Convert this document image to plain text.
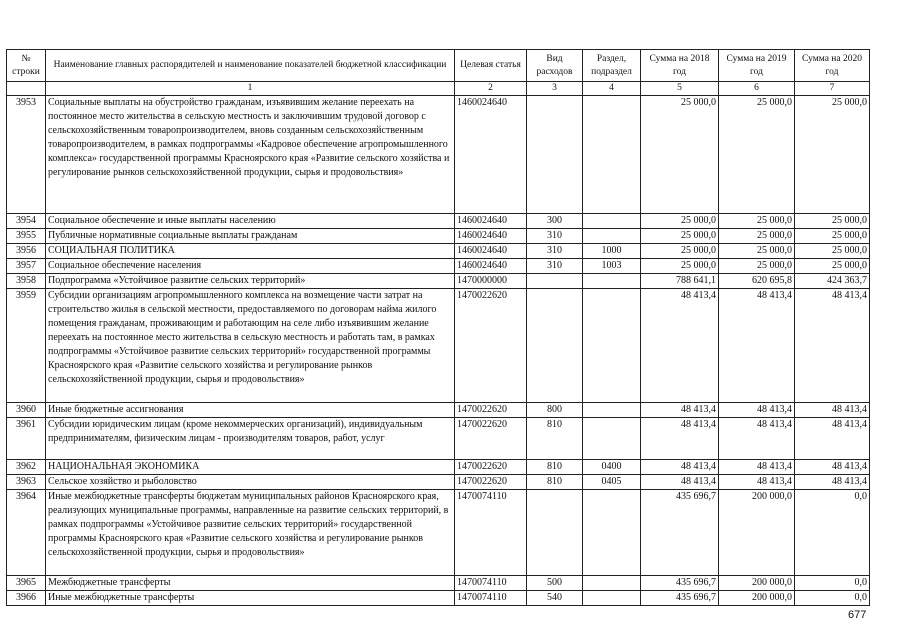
№ строки	Наименование главных распорядителей и наименование показателей бюджетной классификации	Целевая статья	Вид расходов	Раздел, подраздел	Сумма на 2018 год	Сумма на 2019 год	Сумма на 2020 год
	1	2	3	4	5	6	7
3953	Социальные выплаты на обустройство гражданам, изъявившим желание переехать на постоянное место жительства в сельскую местность и заключившим трудовой договор с сельскохозяйственным товаропроизводителем, вновь созданным сельскохозяйственным товаропроизводителем, в рамках подпрограммы «Кадровое обеспечение агропромышленного комплекса» государственной программы Красноярского края «Развитие сельского хозяйства и регулирование рынков сельскохозяйственной продукции, сырья и продовольствия»	1460024640			25 000,0	25 000,0	25 000,0
3954	Социальное обеспечение и иные выплаты населению	1460024640	300		25 000,0	25 000,0	25 000,0
3955	Публичные нормативные социальные выплаты гражданам	1460024640	310		25 000,0	25 000,0	25 000,0
3956	СОЦИАЛЬНАЯ ПОЛИТИКА	1460024640	310	1000	25 000,0	25 000,0	25 000,0
3957	Социальное обеспечение населения	1460024640	310	1003	25 000,0	25 000,0	25 000,0
3958	Подпрограмма «Устойчивое развитие сельских территорий»	1470000000			788 641,1	620 695,8	424 363,7
3959	Субсидии организациям агропромышленного комплекса на возмещение части затрат на строительство жилья в сельской местности, предоставляемого по договорам найма жилого помещения гражданам, проживающим и работающим на селе либо изъявившим желание переехать на постоянное место жительства в сельскую местность и работать там, в рамках подпрограммы «Устойчивое развитие сельских территорий» государственной программы Красноярского края «Развитие сельского хозяйства и регулирование рынков сельскохозяйственной продукции, сырья и продовольствия»	1470022620			48 413,4	48 413,4	48 413,4
3960	Иные бюджетные ассигнования	1470022620	800		48 413,4	48 413,4	48 413,4
3961	Субсидии юридическим лицам (кроме некоммерческих организаций), индивидуальным предпринимателям, физическим лицам - производителям товаров, работ, услуг	1470022620	810		48 413,4	48 413,4	48 413,4
3962	НАЦИОНАЛЬНАЯ ЭКОНОМИКА	1470022620	810	0400	48 413,4	48 413,4	48 413,4
3963	Сельское хозяйство и рыболовство	1470022620	810	0405	48 413,4	48 413,4	48 413,4
3964	Иные межбюджетные трансферты бюджетам муниципальных районов Красноярского края, реализующих муниципальные программы, направленные на развитие сельских территорий, в рамках подпрограммы «Устойчивое развитие сельских территорий» государственной программы Красноярского края «Развитие сельского хозяйства и регулирование рынков сельскохозяйственной продукции, сырья и продовольствия»	1470074110			435 696,7	200 000,0	0,0
3965	Межбюджетные трансферты	1470074110	500		435 696,7	200 000,0	0,0
3966	Иные межбюджетные трансферты	1470074110	540		435 696,7	200 000,0	0,0
677
